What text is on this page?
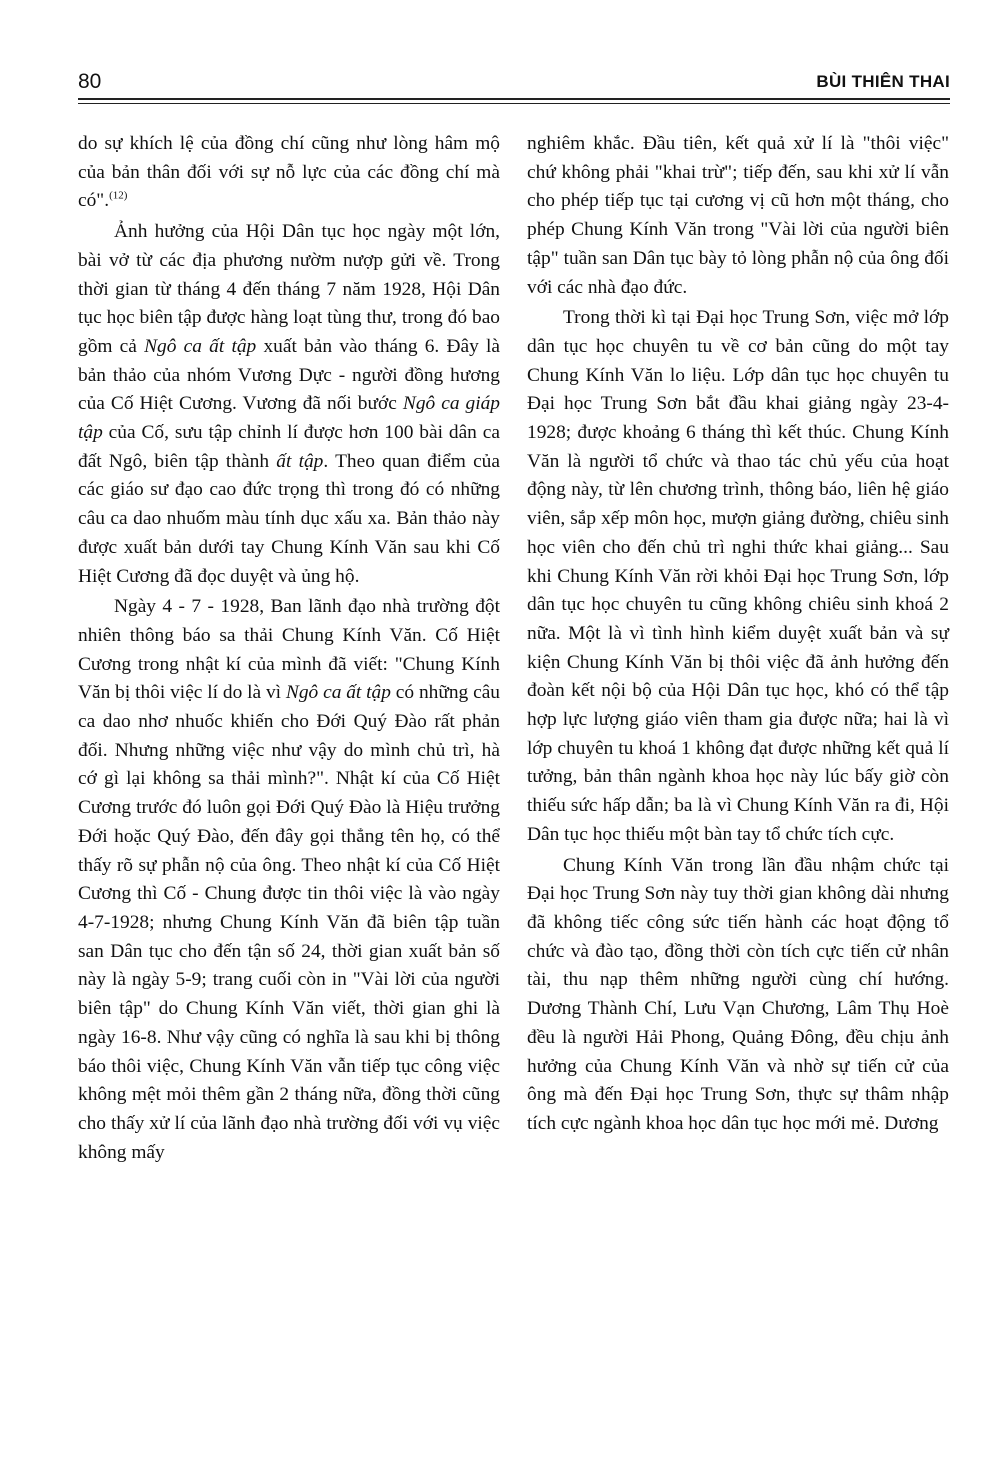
80	BÙI THIÊN THAI

do sự khích lệ của đồng chí cũng như lòng hâm mộ của bản thân đối với sự nỗ lực của các đồng chí mà có".$^{(12)}$

Ảnh hưởng của Hội Dân tục học ngày một lớn, bài vở từ các địa phương nườm nượp gửi về. Trong thời gian từ tháng 4 đến tháng 7 năm 1928, Hội Dân tục học biên tập được hàng loạt tùng thư, trong đó bao gồm cả Ngô ca ất tập xuất bản vào tháng 6. Đây là bản thảo của nhóm Vương Dực - người đồng hương của Cố Hiệt Cương. Vương đã nối bước Ngô ca giáp tập của Cố, sưu tập chỉnh lí được hơn 100 bài dân ca đất Ngô, biên tập thành ất tập. Theo quan điểm của các giáo sư đạo cao đức trọng thì trong đó có những câu ca dao nhuốm màu tính dục xấu xa. Bản thảo này được xuất bản dưới tay Chung Kính Văn sau khi Cố Hiệt Cương đã đọc duyệt và ủng hộ.

Ngày 4 - 7 - 1928, Ban lãnh đạo nhà trường đột nhiên thông báo sa thải Chung Kính Văn. Cố Hiệt Cương trong nhật kí của mình đã viết: "Chung Kính Văn bị thôi việc lí do là vì Ngô ca ất tập có những câu ca dao nhơ nhuốc khiến cho Đới Quý Đào rất phản đối. Nhưng những việc như vậy do mình chủ trì, hà cớ gì lại không sa thải mình?". Nhật kí của Cố Hiệt Cương trước đó luôn gọi Đới Quý Đào là Hiệu trưởng Đới hoặc Quý Đào, đến đây gọi thẳng tên họ, có thể thấy rõ sự phẫn nộ của ông. Theo nhật kí của Cố Hiệt Cương thì Cố - Chung được tin thôi việc là vào ngày 4-7-1928; nhưng Chung Kính Văn đã biên tập tuần san Dân tục cho đến tận số 24, thời gian xuất bản số này là ngày 5-9; trang cuối còn in "Vài lời của người biên tập" do Chung Kính Văn viết, thời gian ghi là ngày 16-8. Như vậy cũng có nghĩa là sau khi bị thông báo thôi việc, Chung Kính Văn vẫn tiếp tục công việc không mệt mỏi thêm gần 2 tháng nữa, đồng thời cũng cho thấy xử lí của lãnh đạo nhà trường đối với vụ việc không mấy

nghiêm khắc. Đầu tiên, kết quả xử lí là "thôi việc" chứ không phải "khai trừ"; tiếp đến, sau khi xử lí vẫn cho phép tiếp tục tại cương vị cũ hơn một tháng, cho phép Chung Kính Văn trong "Vài lời của người biên tập" tuần san Dân tục bày tỏ lòng phẫn nộ của ông đối với các nhà đạo đức.

Trong thời kì tại Đại học Trung Sơn, việc mở lớp dân tục học chuyên tu về cơ bản cũng do một tay Chung Kính Văn lo liệu. Lớp dân tục học chuyên tu Đại học Trung Sơn bắt đầu khai giảng ngày 23-4-1928; được khoảng 6 tháng thì kết thúc. Chung Kính Văn là người tổ chức và thao tác chủ yếu của hoạt động này, từ lên chương trình, thông báo, liên hệ giáo viên, sắp xếp môn học, mượn giảng đường, chiêu sinh học viên cho đến chủ trì nghi thức khai giảng... Sau khi Chung Kính Văn rời khỏi Đại học Trung Sơn, lớp dân tục học chuyên tu cũng không chiêu sinh khoá 2 nữa. Một là vì tình hình kiểm duyệt xuất bản và sự kiện Chung Kính Văn bị thôi việc đã ảnh hưởng đến đoàn kết nội bộ của Hội Dân tục học, khó có thể tập hợp lực lượng giáo viên tham gia được nữa; hai là vì lớp chuyên tu khoá 1 không đạt được những kết quả lí tưởng, bản thân ngành khoa học này lúc bấy giờ còn thiếu sức hấp dẫn; ba là vì Chung Kính Văn ra đi, Hội Dân tục học thiếu một bàn tay tổ chức tích cực.

Chung Kính Văn trong lần đầu nhậm chức tại Đại học Trung Sơn này tuy thời gian không dài nhưng đã không tiếc công sức tiến hành các hoạt động tổ chức và đào tạo, đồng thời còn tích cực tiến cử nhân tài, thu nạp thêm những người cùng chí hướng. Dương Thành Chí, Lưu Vạn Chương, Lâm Thụ Hoè đều là người Hải Phong, Quảng Đông, đều chịu ảnh hưởng của Chung Kính Văn và nhờ sự tiến cử của ông mà đến Đại học Trung Sơn, thực sự thâm nhập tích cực ngành khoa học dân tục học mới mẻ. Dương
